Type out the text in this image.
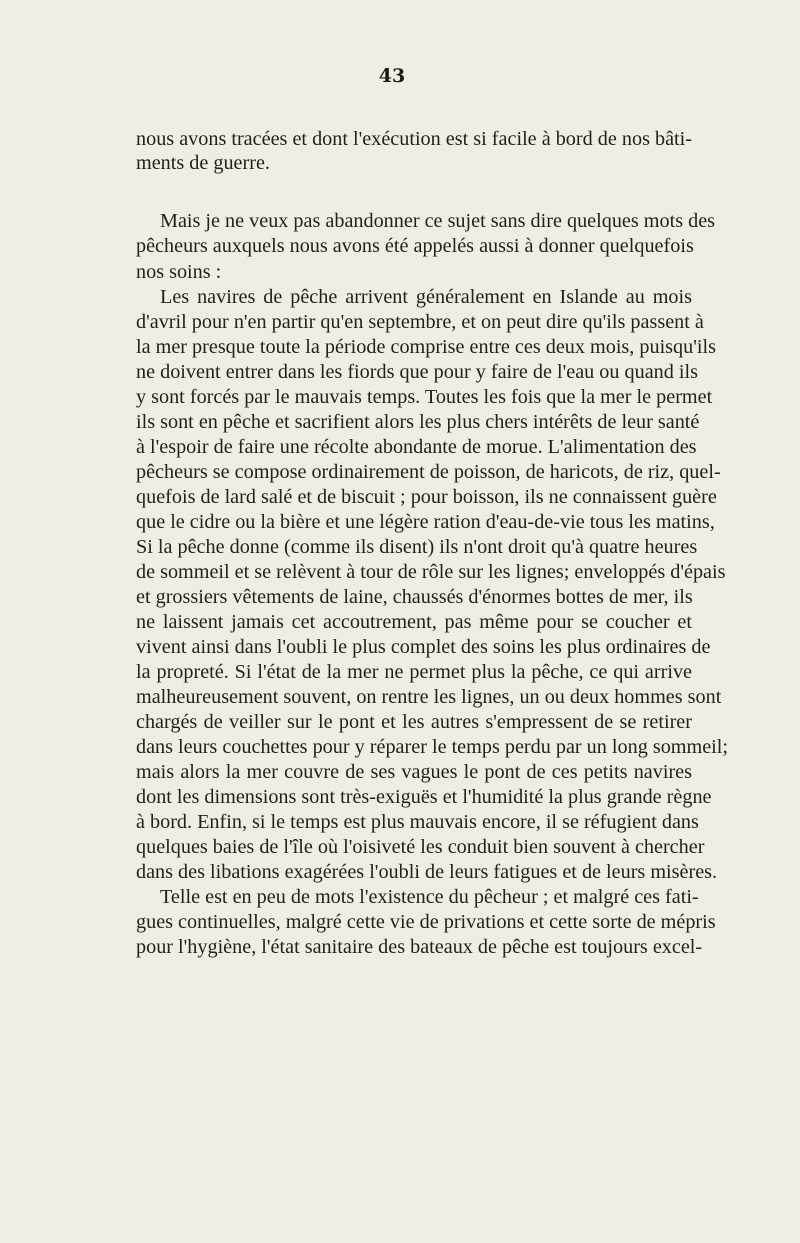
43
nous avons tracées et dont l'exécution est si facile à bord de nos bâti-
ments de guerre.
Mais je ne veux pas abandonner ce sujet sans dire quelques mots des
pêcheurs auxquels nous avons été appelés aussi à donner quelquefois
nos soins :
Les navires de pêche arrivent généralement en Islande au mois
d'avril pour n'en partir qu'en septembre, et on peut dire qu'ils passent à
la mer presque toute la période comprise entre ces deux mois, puisqu'ils
ne doivent entrer dans les fiords que pour y faire de l'eau ou quand ils
y sont forcés par le mauvais temps. Toutes les fois que la mer le permet
ils sont en pêche et sacrifient alors les plus chers intérêts de leur santé
à l'espoir de faire une récolte abondante de morue. L'alimentation des
pêcheurs se compose ordinairement de poisson, de haricots, de riz, quel-
quefois de lard salé et de biscuit ; pour boisson, ils ne connaissent guère
que le cidre ou la bière et une légère ration d'eau-de-vie tous les matins,
Si la pêche donne (comme ils disent) ils n'ont droit qu'à quatre heures
de sommeil et se relèvent à tour de rôle sur les lignes; enveloppés d'épais
et grossiers vêtements de laine, chaussés d'énormes bottes de mer, ils
ne laissent jamais cet accoutrement, pas même pour se coucher et
vivent ainsi dans l'oubli le plus complet des soins les plus ordinaires de
la propreté. Si l'état de la mer ne permet plus la pêche, ce qui arrive
malheureusement souvent, on rentre les lignes, un ou deux hommes sont
chargés de veiller sur le pont et les autres s'empressent de se retirer
dans leurs couchettes pour y réparer le temps perdu par un long sommeil;
mais alors la mer couvre de ses vagues le pont de ces petits navires
dont les dimensions sont très-exiguës et l'humidité la plus grande règne
à bord. Enfin, si le temps est plus mauvais encore, il se réfugient dans
quelques baies de l'île où l'oisiveté les conduit bien souvent à chercher
dans des libations exagérées l'oubli de leurs fatigues et de leurs misères.
Telle est en peu de mots l'existence du pêcheur ; et malgré ces fati-
gues continuelles, malgré cette vie de privations et cette sorte de mépris
pour l'hygiène, l'état sanitaire des bateaux de pêche est toujours excel-
